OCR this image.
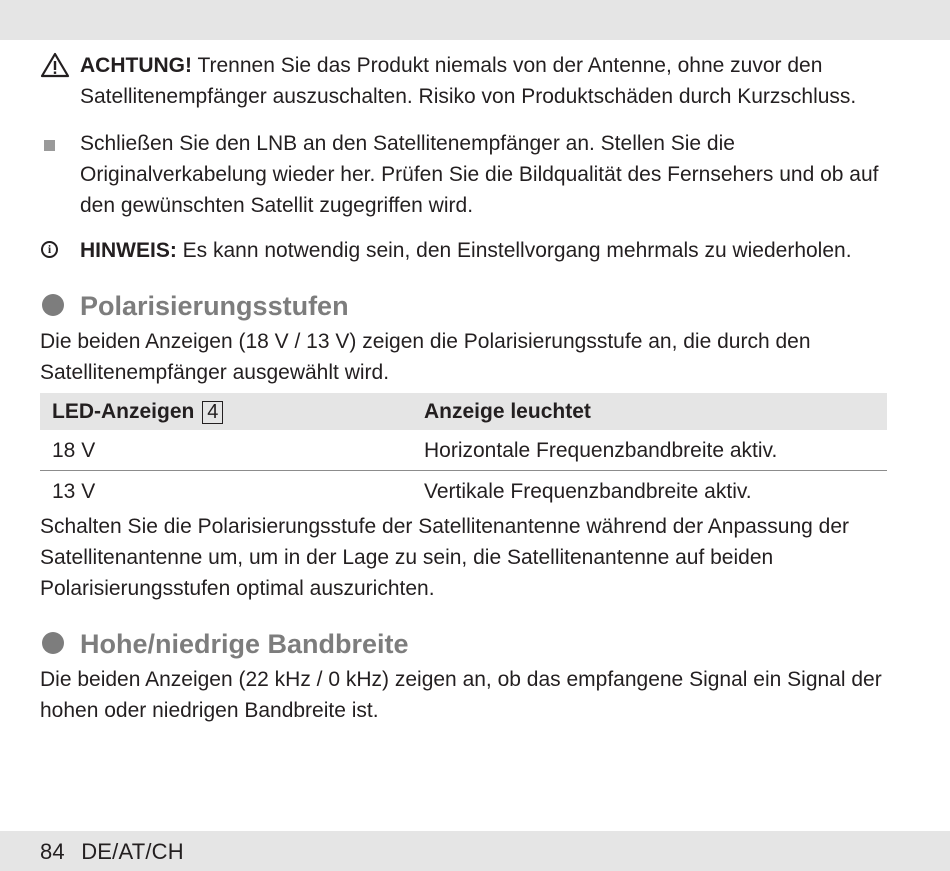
ACHTUNG! Trennen Sie das Produkt niemals von der Antenne, ohne zuvor den Satellitenempfänger auszuschalten. Risiko von Produktschäden durch Kurzschluss.
Schließen Sie den LNB an den Satellitenempfänger an. Stellen Sie die Originalverkabelung wieder her. Prüfen Sie die Bildqualität des Fernsehers und ob auf den gewünschten Satellit zugegriffen wird.
i	HINWEIS: Es kann notwendig sein, den Einstellvorgang mehrmals zu wiederholen.
Polarisierungsstufen
Die beiden Anzeigen (18 V / 13 V) zeigen die Polarisierungsstufe an, die durch den Satellitenempfänger ausgewählt wird.
LED-Anzeigen 4	Anzeige leuchtet
18 V	Horizontale Frequenzbandbreite aktiv.
13 V	Vertikale Frequenzbandbreite aktiv.
Schalten Sie die Polarisierungsstufe der Satellitenantenne während der Anpassung der Satellitenantenne um, um in der Lage zu sein, die Satellitenantenne auf beiden Polarisierungsstufen optimal auszurichten.
Hohe/niedrige Bandbreite
Die beiden Anzeigen (22 kHz / 0 kHz) zeigen an, ob das empfangene Signal ein Signal der hohen oder niedrigen Bandbreite ist.
84 DE/AT/CH
